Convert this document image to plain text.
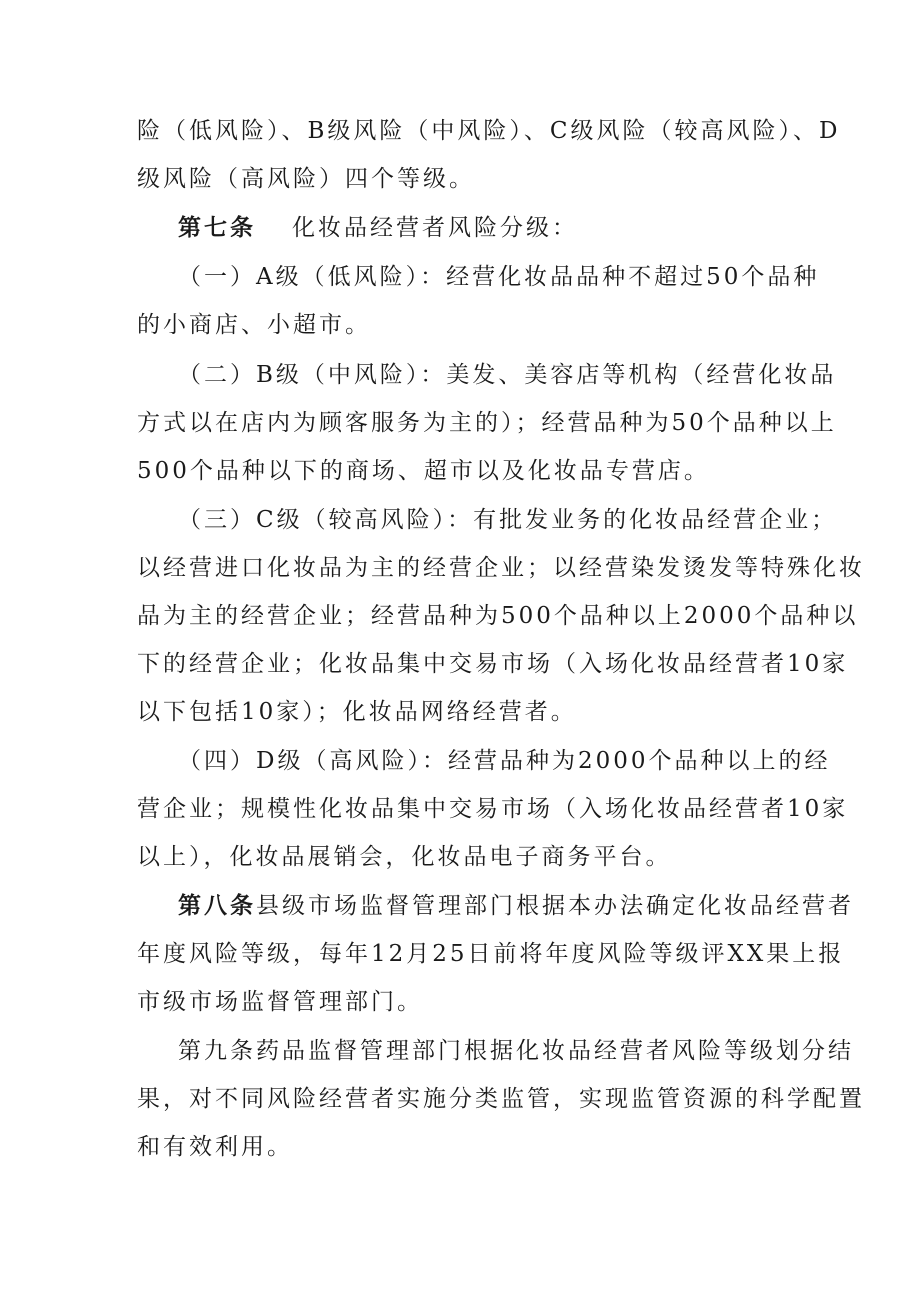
险（低风险）、B级风险（中风险）、C级风险（较高风险）、D
级风险（高风险）四个等级。
第七条 化妆品经营者风险分级：
（一）A级（低风险）：经营化妆品品种不超过50个品种
的小商店、小超市。
（二）B级（中风险）：美发、美容店等机构（经营化妆品
方式以在店内为顾客服务为主的）；经营品种为50个品种以上
500个品种以下的商场、超市以及化妆品专营店。
（三）C级（较高风险）：有批发业务的化妆品经营企业；
以经营进口化妆品为主的经营企业；以经营染发烫发等特殊化妆
品为主的经营企业；经营品种为500个品种以上2000个品种以
下的经营企业；化妆品集中交易市场（入场化妆品经营者10家
以下包括10家）；化妆品网络经营者。
（四）D级（高风险）：经营品种为2000个品种以上的经
营企业；规模性化妆品集中交易市场（入场化妆品经营者10家
以上），化妆品展销会，化妆品电子商务平台。
第八条县级市场监督管理部门根据本办法确定化妆品经营者
年度风险等级，每年12月25日前将年度风险等级评XX果上报
市级市场监督管理部门。
第九条药品监督管理部门根据化妆品经营者风险等级划分结
果，对不同风险经营者实施分类监管，实现监管资源的科学配置
和有效利用。
